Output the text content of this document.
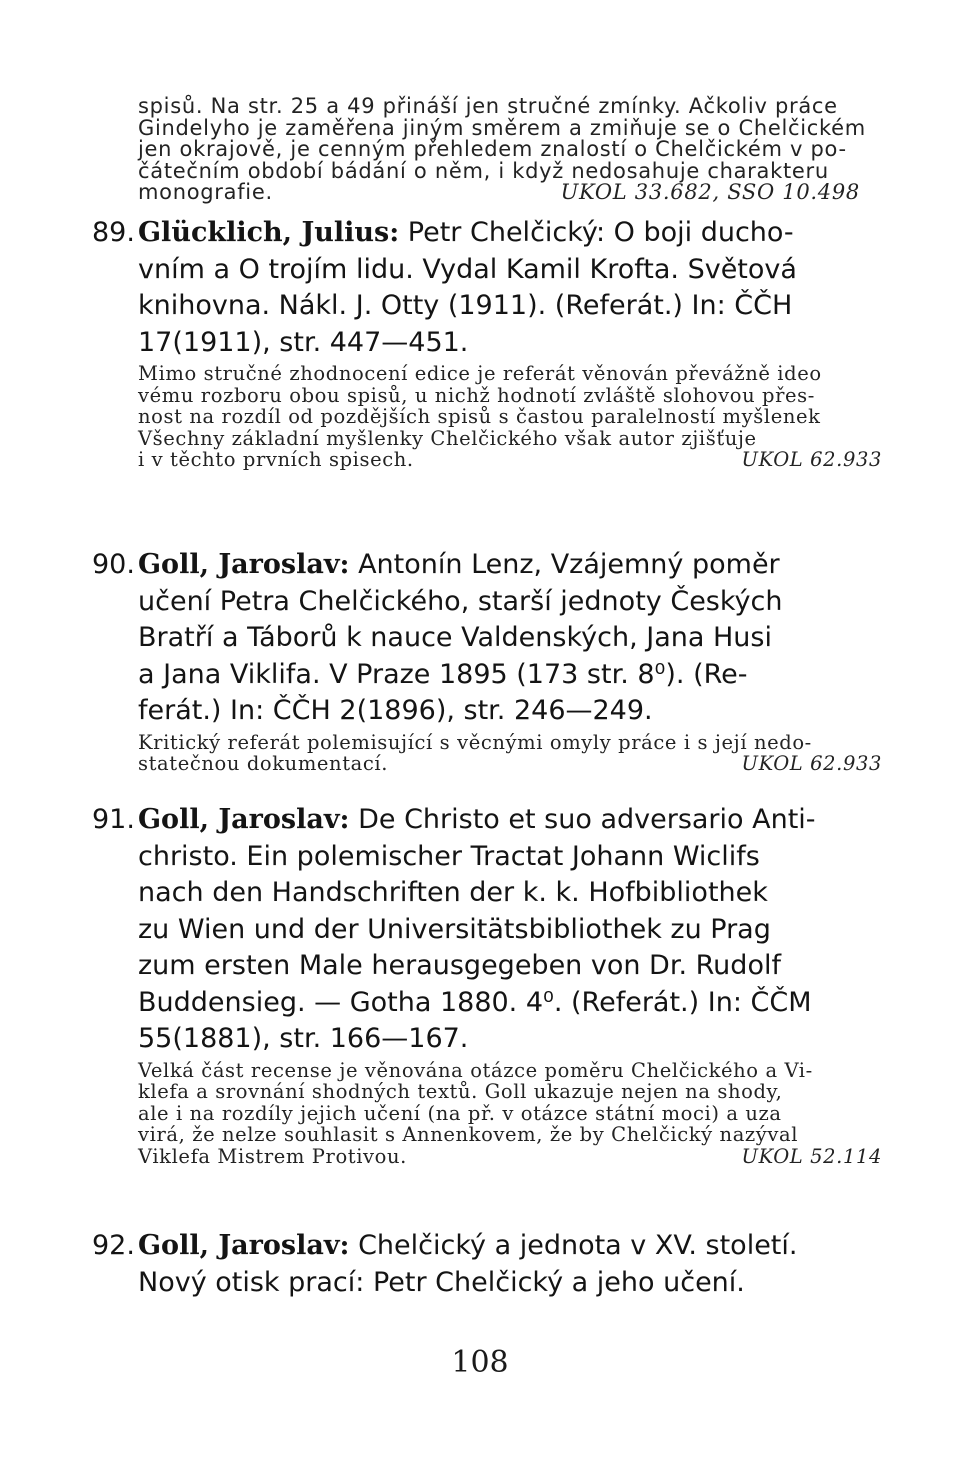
spisů. Na str. 25 a 49 přináší jen stručné zmínky. Ačkoliv práce
Gindelyho je zaměřena jiným směrem a zmiňuje se o Chelčickém
jen okrajově, je cenným přehledem znalostí o Chelčickém v po-
čátečním období bádání o něm, i když nedosahuje charakteru
monografie.	UKOL 33.682, SSO 10.498
89. Glücklich, Julius: Petr Chelčický: O boji ducho-
vním a O trojím lidu. Vydal Kamil Krofta. Světová
knihovna. Nákl. J. Otty (1911). (Referát.) In: ČČH
17(1911), str. 447—451.
Mimo stručné zhodnocení edice je referát věnován převážně ideo
vému rozboru obou spisů, u nichž hodnotí zvláště slohovou přes-
nost na rozdíl od pozdějších spisů s častou paralelností myšlenek
Všechny základní myšlenky Chelčického však autor zjišťuje
i v těchto prvních spisech.	UKOL 62.933
90. Goll, Jaroslav: Antonín Lenz, Vzájemný poměr
učení Petra Chelčického, starší jednoty Českých
Bratří a Táborů k nauce Valdenských, Jana Husi
a Jana Viklifa. V Praze 1895 (173 str. 8⁰). (Re-
ferát.) In: ČČH 2(1896), str. 246—249.
Kritický referát polemisující s věcnými omyly práce i s její nedo-
statečnou dokumentací.	UKOL 62.933
91. Goll, Jaroslav: De Christo et suo adversario Anti-
christo. Ein polemischer Tractat Johann Wiclifs
nach den Handschriften der k. k. Hofbibliothek
zu Wien und der Universitätsbibliothek zu Prag
zum ersten Male herausgegeben von Dr. Rudolf
Buddensieg. — Gotha 1880. 4⁰. (Referát.) In: ČČM
55(1881), str. 166—167.
Velká část recense je věnována otázce poměru Chelčického a Vi-
klefa a srovnání shodných textů. Goll ukazuje nejen na shody,
ale i na rozdíly jejich učení (na př. v otázce státní moci) a uza
virá, že nelze souhlasit s Annenkovem, že by Chelčický nazýval
Viklefa Mistrem Protivou.	UKOL 52.114
92. Goll, Jaroslav: Chelčický a jednota v XV. století.
Nový otisk prací: Petr Chelčický a jeho učení.
108
